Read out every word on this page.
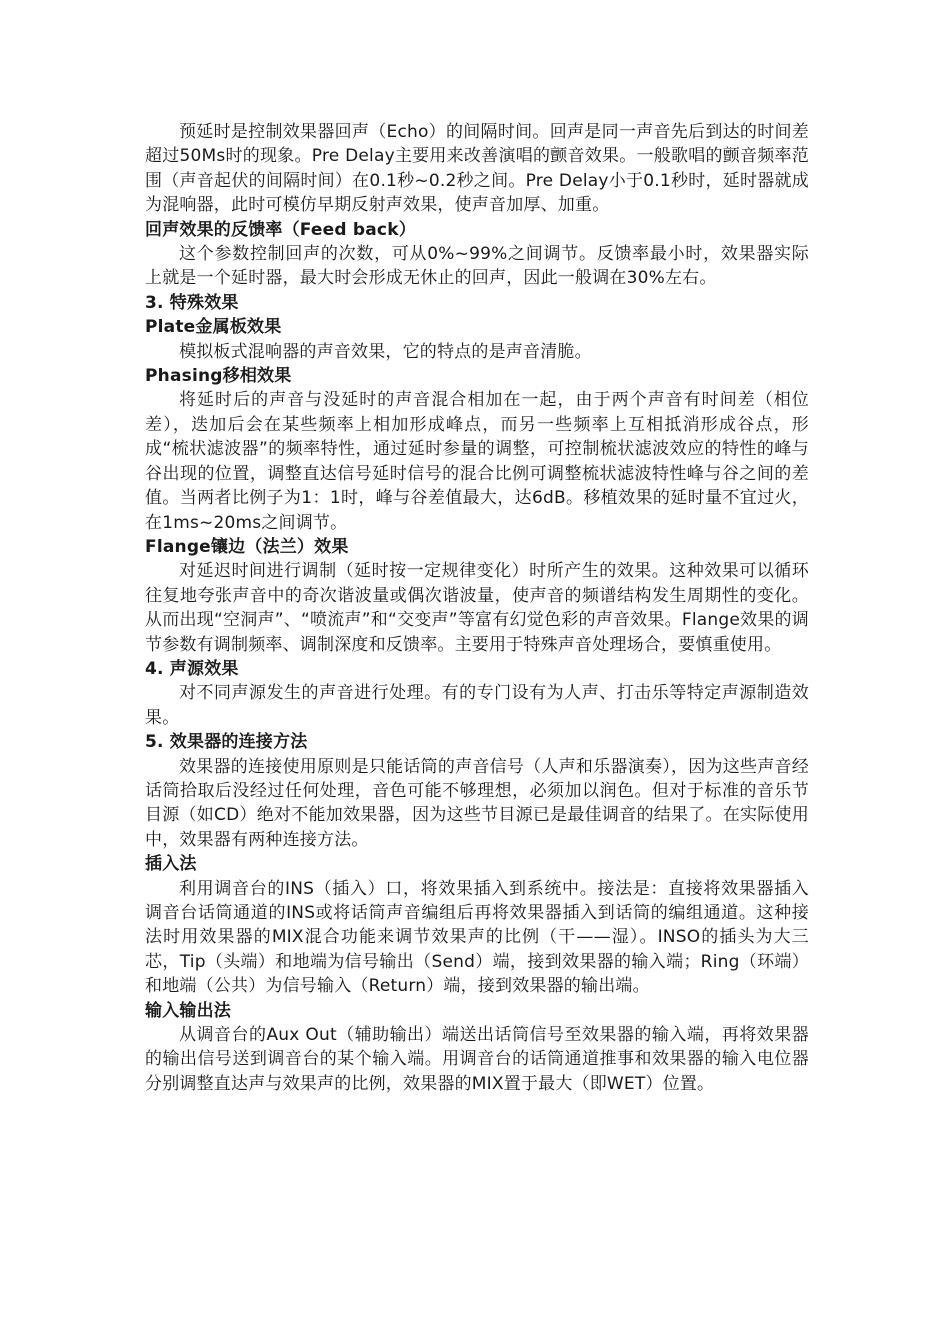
预延时是控制效果器回声（Echo）的间隔时间。回声是同一声音先后到达的时间差超过50Ms时的现象。Pre Delay主要用来改善演唱的颤音效果。一般歌唱的颤音频率范围（声音起伏的间隔时间）在0.1秒~0.2秒之间。Pre Delay小于0.1秒时，延时器就成为混响器，此时可模仿早期反射声效果，使声音加厚、加重。

回声效果的反馈率（Feed back）

这个参数控制回声的次数，可从0%~99%之间调节。反馈率最小时，效果器实际上就是一个延时器，最大时会形成无休止的回声，因此一般调在30%左右。

3. 特殊效果

Plate金属板效果

模拟板式混响器的声音效果，它的特点的是声音清脆。

Phasing移相效果

将延时后的声音与没延时的声音混合相加在一起，由于两个声音有时间差（相位差），迭加后会在某些频率上相加形成峰点，而另一些频率上互相抵消形成谷点，形成“梳状滤波器”的频率特性，通过延时参量的调整，可控制梳状滤波效应的特性的峰与谷出现的位置，调整直达信号延时信号的混合比例可调整梳状滤波特性峰与谷之间的差值。当两者比例子为1：1时，峰与谷差值最大，达6dB。移植效果的延时量不宜过火，在1ms~20ms之间调节。

Flange镶边（法兰）效果

对延迟时间进行调制（延时按一定规律变化）时所产生的效果。这种效果可以循环往复地夸张声音中的奇次谐波量或偶次谐波量，使声音的频谱结构发生周期性的变化。从而出现“空洞声”、“喷流声”和“交变声”等富有幻觉色彩的声音效果。Flange效果的调节参数有调制频率、调制深度和反馈率。主要用于特殊声音处理场合，要慎重使用。

4. 声源效果

对不同声源发生的声音进行处理。有的专门设有为人声、打击乐等特定声源制造效果。

5. 效果器的连接方法

效果器的连接使用原则是只能话筒的声音信号（人声和乐器演奏），因为这些声音经话筒拾取后没经过任何处理，音色可能不够理想，必须加以润色。但对于标准的音乐节目源（如CD）绝对不能加效果器，因为这些节目源已是最佳调音的结果了。在实际使用中，效果器有两种连接方法。

插入法

利用调音台的INS（插入）口，将效果插入到系统中。接法是：直接将效果器插入调音台话筒通道的INS或将话筒声音编组后再将效果器插入到话筒的编组通道。这种接法时用效果器的MIX混合功能来调节效果声的比例（干——湿）。INSO的插头为大三芯，Tip（头端）和地端为信号输出（Send）端，接到效果器的输入端；Ring（环端）和地端（公共）为信号输入（Return）端，接到效果器的输出端。

输入输出法

从调音台的Aux Out（辅助输出）端送出话筒信号至效果器的输入端，再将效果器的输出信号送到调音台的某个输入端。用调音台的话筒通道推事和效果器的输入电位器分别调整直达声与效果声的比例，效果器的MIX置于最大（即WET）位置。
